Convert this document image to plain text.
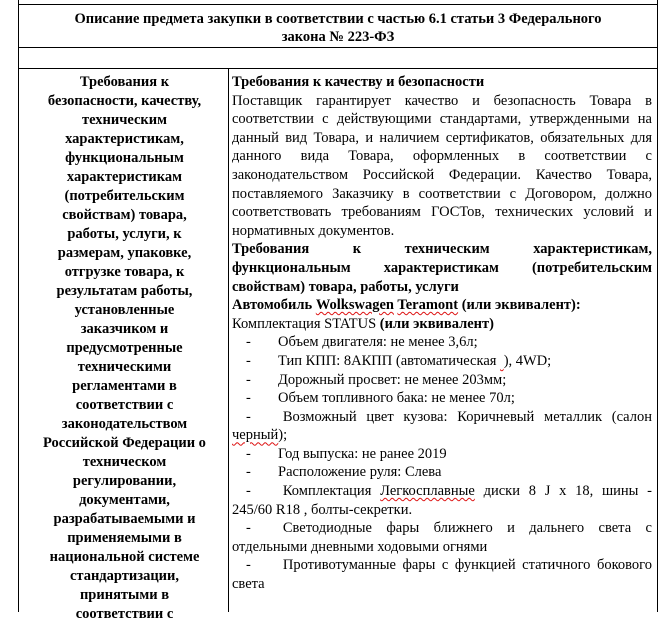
Описание предмета закупки в соответствии с частью 6.1 статьи 3 Федерального
закона № 223-ФЗ
Требования к
безопасности, качеству,
техническим
характеристикам,
функциональным
характеристикам
(потребительским
свойствам) товара,
работы, услуги, к
размерам, упаковке,
отгрузке товара, к
результатам работы,
установленные
заказчиком и
предусмотренные
техническими
регламентами в
соответствии с
законодательством
Российской Федерации о
техническом
регулировании,
документами,
разрабатываемыми и
применяемыми в
национальной системе
стандартизации,
принятыми в
соответствии с

Требования к качеству и безопасности

Поставщик гарантирует качество и безопасность Товара в соответствии с действующими стандартами, утвержденными на данный вид Товара, и наличием сертификатов, обязательных для данного вида Товара, оформленных в соответствии с законодательством Российской Федерации. Качество Товара, поставляемого Заказчику в соответствии с Договором, должно соответствовать требованиям ГОСТов, технических условий и нормативных документов.

Требования к техническим характеристикам, функциональным характеристикам (потребительским свойствам) товара, работы, услуги

Автомобиль Wolkswagen Teramont (или эквивалент):

Комплектация STATUS (или эквивалент)

-	Объем двигателя: не менее 3,6л;
-	Тип КПП: 8АКПП (автоматическая  ), 4WD;
-	Дорожный просвет: не менее 203мм;
-	Объем топливного бака: не менее 70л;

- Возможный цвет кузова: Коричневый металлик (салон черный);

-	Год выпуска: не ранее 2019
-	Расположение руля: Слева

- Комплектация Легкосплавные диски 8 J x 18, шины - 245/60 R18 , болты-секретки.

- Светодиодные фары ближнего и дальнего света с отдельными дневными ходовыми огнями

- Противотуманные фары с функцией статичного бокового света
